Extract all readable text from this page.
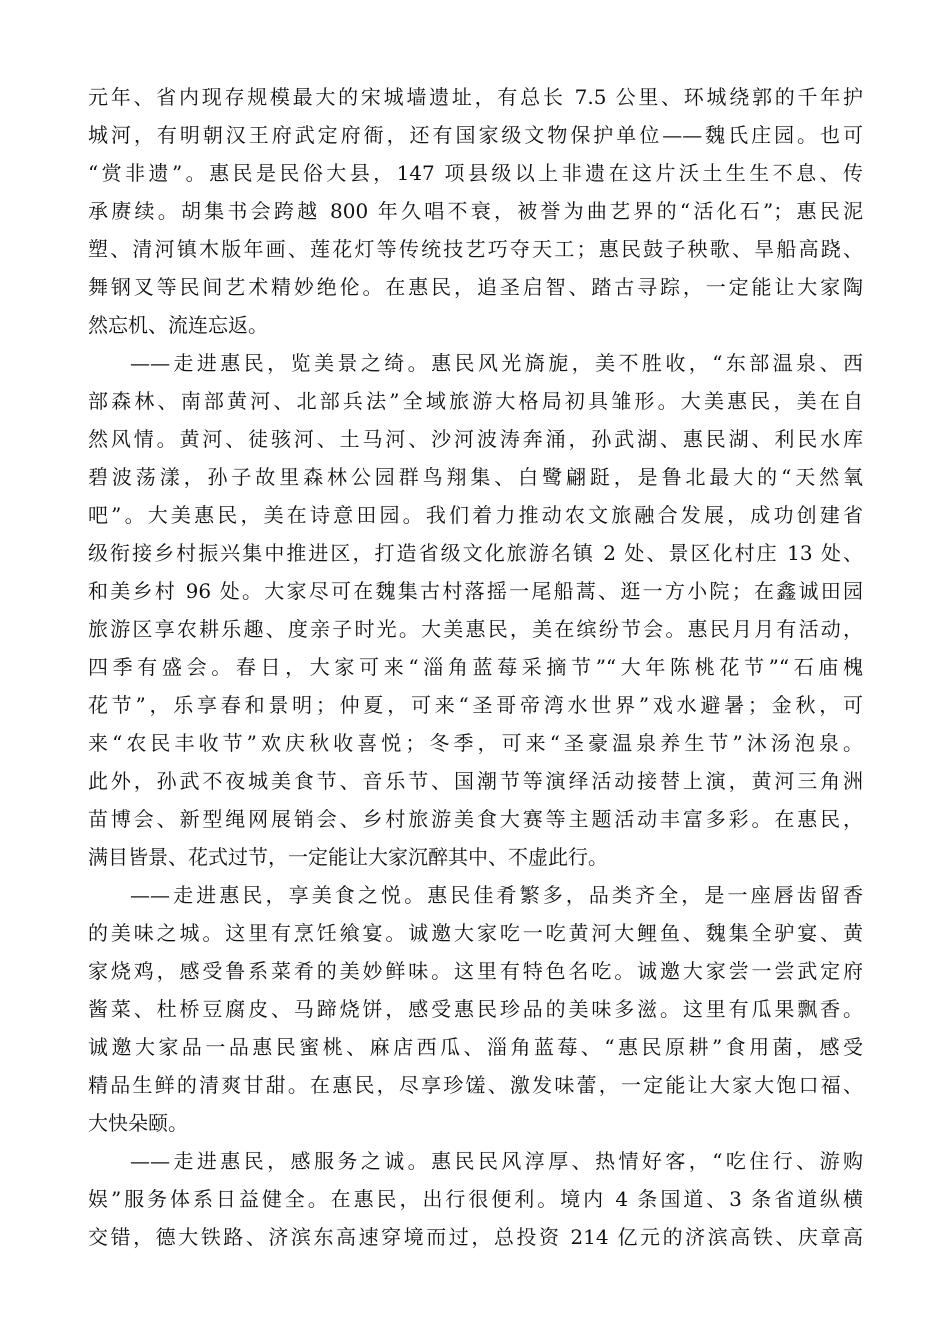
元年、省内现存规模最大的宋城墙遗址，有总长 7.5 公里、环城绕郭的千年护
城河，有明朝汉王府武定府衙，还有国家级文物保护单位——魏氏庄园。也可
“赏非遗”。惠民是民俗大县，147 项县级以上非遗在这片沃土生生不息、传
承赓续。胡集书会跨越 800 年久唱不衰，被誉为曲艺界的“活化石”；惠民泥
塑、清河镇木版年画、莲花灯等传统技艺巧夺天工；惠民鼓子秧歌、旱船高跷、
舞钢叉等民间艺术精妙绝伦。在惠民，追圣启智、踏古寻踪，一定能让大家陶
然忘机、流连忘返。
——走进惠民，览美景之绮。惠民风光旖旎，美不胜收，“东部温泉、西
部森林、南部黄河、北部兵法”全域旅游大格局初具雏形。大美惠民，美在自
然风情。黄河、徒骇河、土马河、沙河波涛奔涌，孙武湖、惠民湖、利民水库
碧波荡漾，孙子故里森林公园群鸟翔集、白鹭翩跹，是鲁北最大的“天然氧
吧”。大美惠民，美在诗意田园。我们着力推动农文旅融合发展，成功创建省
级衔接乡村振兴集中推进区，打造省级文化旅游名镇 2 处、景区化村庄 13 处、
和美乡村 96 处。大家尽可在魏集古村落摇一尾船蒿、逛一方小院；在鑫诚田园
旅游区享农耕乐趣、度亲子时光。大美惠民，美在缤纷节会。惠民月月有活动，
四季有盛会。春日，大家可来“淄角蓝莓采摘节”“大年陈桃花节”“石庙槐
花节”，乐享春和景明；仲夏，可来“圣哥帝湾水世界”戏水避暑；金秋，可
来“农民丰收节”欢庆秋收喜悦；冬季，可来“圣豪温泉养生节”沐汤泡泉。
此外，孙武不夜城美食节、音乐节、国潮节等演绎活动接替上演，黄河三角洲
苗博会、新型绳网展销会、乡村旅游美食大赛等主题活动丰富多彩。在惠民，
满目皆景、花式过节，一定能让大家沉醉其中、不虚此行。
——走进惠民，享美食之悦。惠民佳肴繁多，品类齐全，是一座唇齿留香
的美味之城。这里有烹饪飨宴。诚邀大家吃一吃黄河大鲤鱼、魏集全驴宴、黄
家烧鸡，感受鲁系菜肴的美妙鲜味。这里有特色名吃。诚邀大家尝一尝武定府
酱菜、杜桥豆腐皮、马蹄烧饼，感受惠民珍品的美味多滋。这里有瓜果飘香。
诚邀大家品一品惠民蜜桃、麻店西瓜、淄角蓝莓、“惠民原耕”食用菌，感受
精品生鲜的清爽甘甜。在惠民，尽享珍馐、激发味蕾，一定能让大家大饱口福、
大快朵颐。
——走进惠民，感服务之诚。惠民民风淳厚、热情好客，“吃住行、游购
娱”服务体系日益健全。在惠民，出行很便利。境内 4 条国道、3 条省道纵横
交错，德大铁路、济滨东高速穿境而过，总投资 214 亿元的济滨高铁、庆章高
